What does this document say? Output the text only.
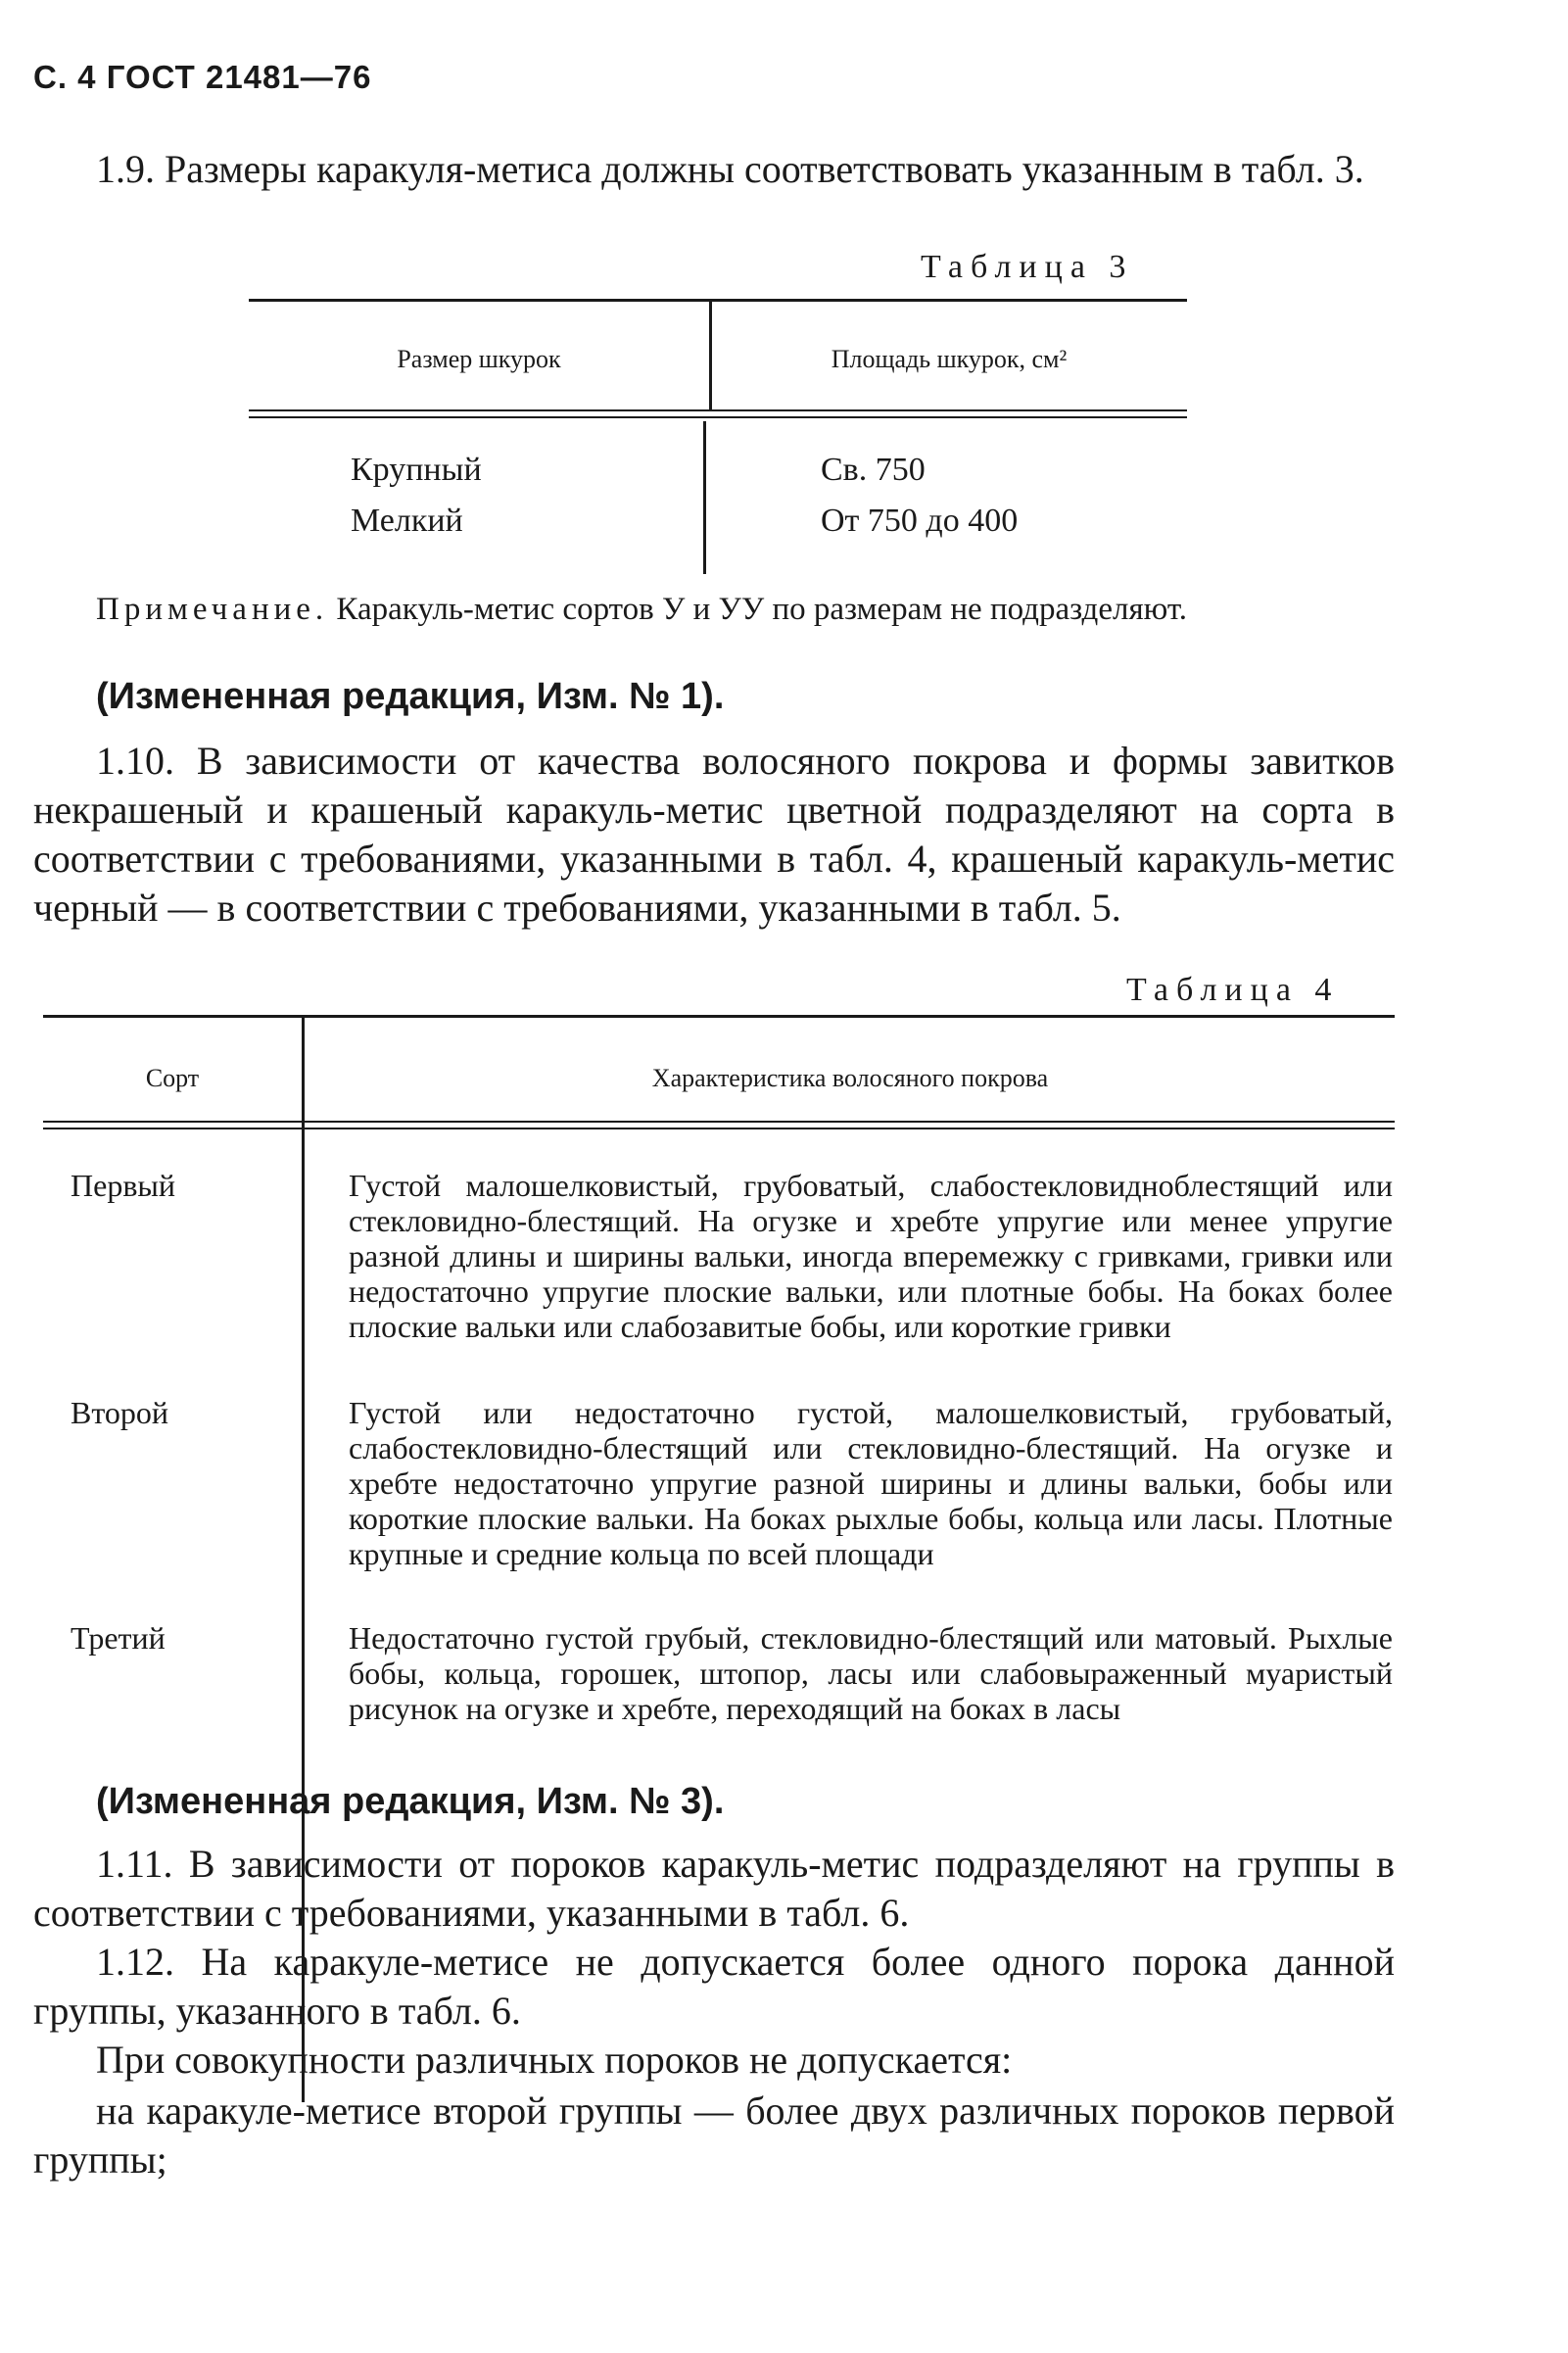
С. 4 ГОСТ 21481—76
1.9. Размеры каракуля-метиса должны соответствовать указанным в табл. 3.
Таблица 3
Размер шкурок	Площадь шкурок, см²
Крупный	Св. 750
Мелкий	От 750 до 400
Примечание. Каракуль-метис сортов У и УУ по размерам не подразделяют.
(Измененная редакция, Изм. № 1).
1.10. В зависимости от качества волосяного покрова и формы завитков некрашеный и крашеный каракуль-метис цветной подразделяют на сорта в соответствии с требованиями, указанными в табл. 4, крашеный каракуль-метис черный — в соответствии с требованиями, указанными в табл. 5.
Таблица 4
Сорт	Характеристика волосяного покрова
Первый	Густой малошелковистый, грубоватый, слабостекловидноблестящий или стекловидно-блестящий. На огузке и хребте упругие или менее упругие разной длины и ширины вальки, иногда вперемежку с гривками, гривки или недостаточно упругие плоские вальки, или плотные бобы. На боках более плоские вальки или слабозавитые бобы, или короткие гривки
Второй	Густой или недостаточно густой, малошелковистый, грубоватый, слабостекловидно-блестящий или стекловидно-блестящий. На огузке и хребте недостаточно упругие разной ширины и длины вальки, бобы или короткие плоские вальки. На боках рыхлые бобы, кольца или ласы. Плотные крупные и средние кольца по всей площади
Третий	Недостаточно густой грубый, стекловидно-блестящий или матовый. Рыхлые бобы, кольца, горошек, штопор, ласы или слабовыраженный муаристый рисунок на огузке и хребте, переходящий на боках в ласы
(Измененная редакция, Изм. № 3).
1.11. В зависимости от пороков каракуль-метис подразделяют на группы в соответствии с требованиями, указанными в табл. 6.
1.12. На каракуле-метисе не допускается более одного порока данной группы, указанного в табл. 6.
При совокупности различных пороков не допускается:
на каракуле-метисе второй группы — более двух различных пороков первой группы;
